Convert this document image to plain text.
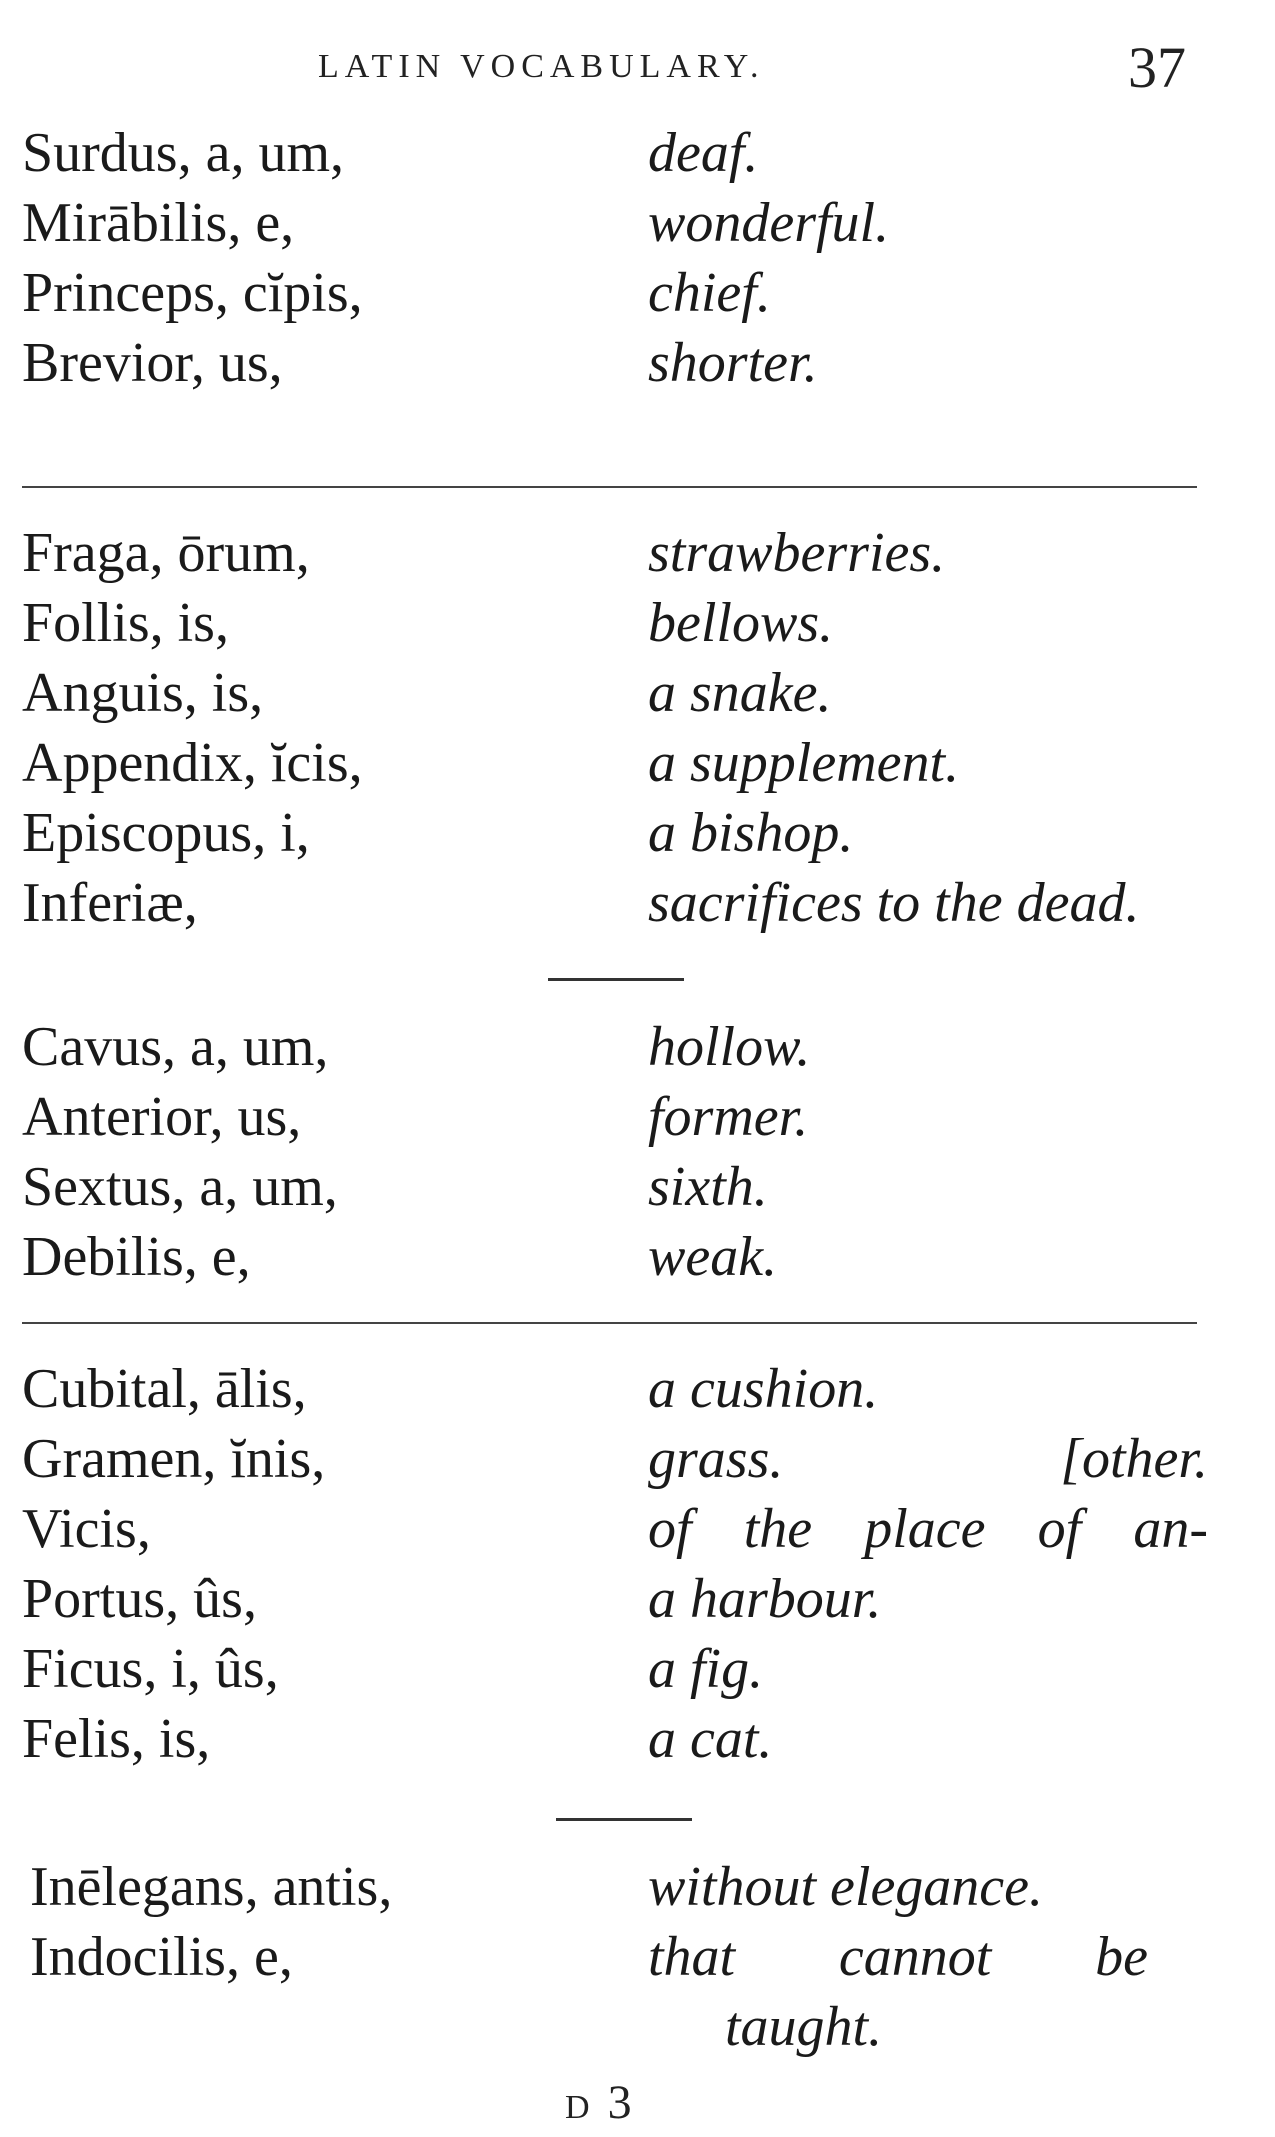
LATIN VOCABULARY.	37
Surdus, a, um,	deaf.
Mirābilis, e,	wonderful.
Princeps, cĭpis,	chief.
Brevior, us,	shorter.
Fraga, ōrum,	strawberries.
Follis, is,	bellows.
Anguis, is,	a snake.
Appendix, ĭcis,	a supplement.
Episcopus, i,	a bishop.
Inferiæ,	sacrifices to the dead.
Cavus, a, um,	hollow.
Anterior, us,	former.
Sextus, a, um,	sixth.
Debilis, e,	weak.
Cubital, ālis,	a cushion.
Gramen, ĭnis,	grass.	[other.
Vicis,	of the place of an-
Portus, ûs,	a harbour.
Ficus, i, ûs,	a fig.
Felis, is,	a cat.
Inēlegans, antis,	without elegance.
Indocilis, e,	that cannot be
taught.
D 3
